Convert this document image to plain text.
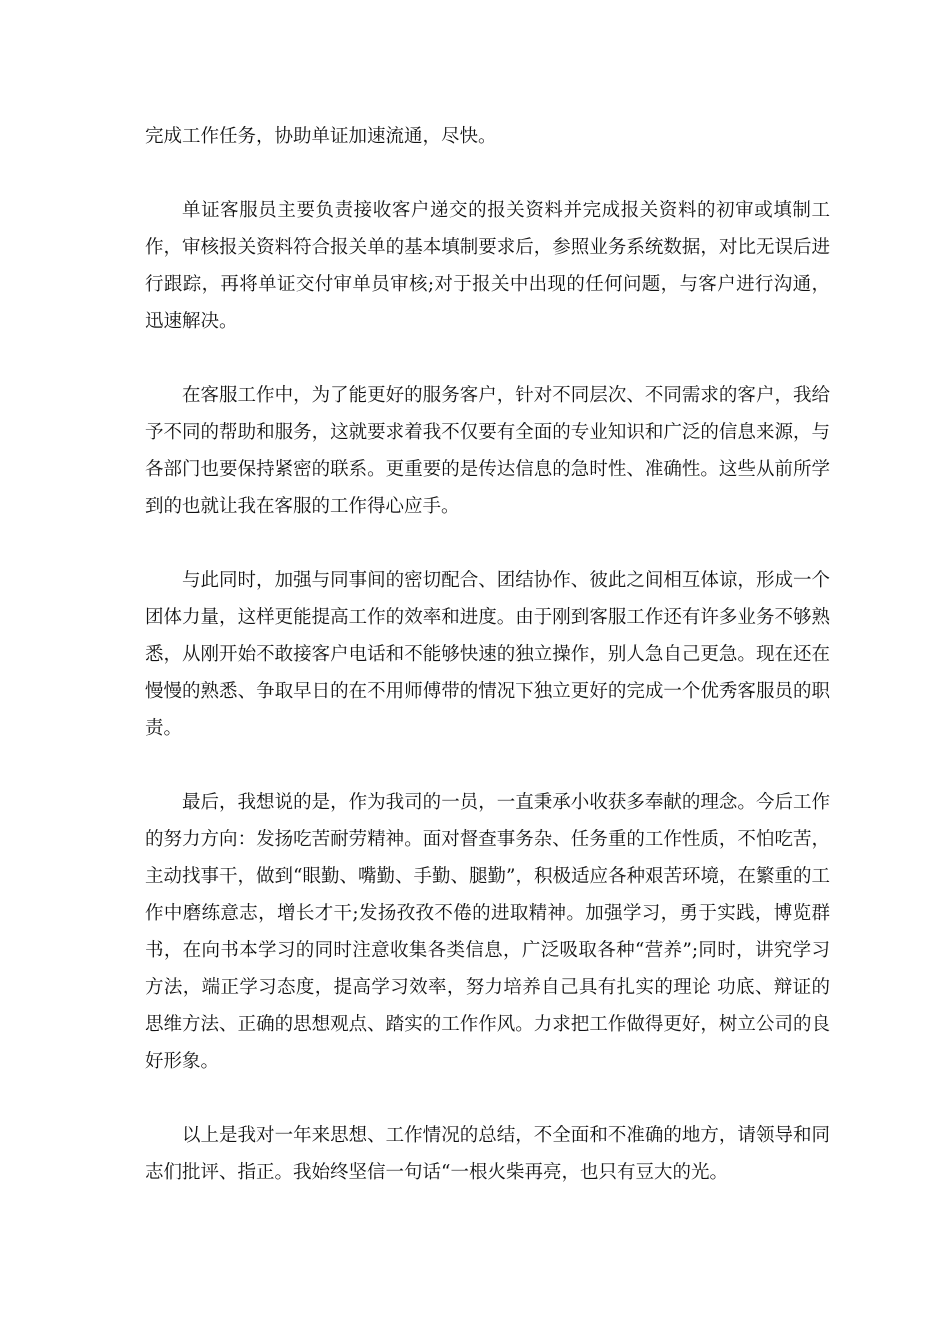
完成工作任务，协助单证加速流通，尽快。

单证客服员主要负责接收客户递交的报关资料并完成报关资料的初审或填制工作，审核报关资料符合报关单的基本填制要求后，参照业务系统数据，对比无误后进行跟踪，再将单证交付审单员审核;对于报关中出现的任何问题，与客户进行沟通，迅速解决。

在客服工作中，为了能更好的服务客户，针对不同层次、不同需求的客户，我给予不同的帮助和服务，这就要求着我不仅要有全面的专业知识和广泛的信息来源，与各部门也要保持紧密的联系。更重要的是传达信息的急时性、准确性。这些从前所学到的也就让我在客服的工作得心应手。

与此同时，加强与同事间的密切配合、团结协作、彼此之间相互体谅，形成一个团体力量，这样更能提高工作的效率和进度。由于刚到客服工作还有许多业务不够熟悉，从刚开始不敢接客户电话和不能够快速的独立操作，别人急自己更急。现在还在慢慢的熟悉、争取早日的在不用师傅带的情况下独立更好的完成一个优秀客服员的职责。

最后，我想说的是，作为我司的一员，一直秉承小收获多奉献的理念。今后工作的努力方向：发扬吃苦耐劳精神。面对督查事务杂、任务重的工作性质，不怕吃苦，主动找事干，做到“眼勤、嘴勤、手勤、腿勤”，积极适应各种艰苦环境，在繁重的工作中磨练意志，增长才干;发扬孜孜不倦的进取精神。加强学习，勇于实践，博览群书，在向书本学习的同时注意收集各类信息，广泛吸取各种“营养”;同时，讲究学习方法，端正学习态度，提高学习效率，努力培养自己具有扎实的理论 功底、辩证的思维方法、正确的思想观点、踏实的工作作风。力求把工作做得更好，树立公司的良好形象。

以上是我对一年来思想、工作情况的总结，不全面和不准确的地方，请领导和同志们批评、指正。我始终坚信一句话“一根火柴再亮，也只有豆大的光。
